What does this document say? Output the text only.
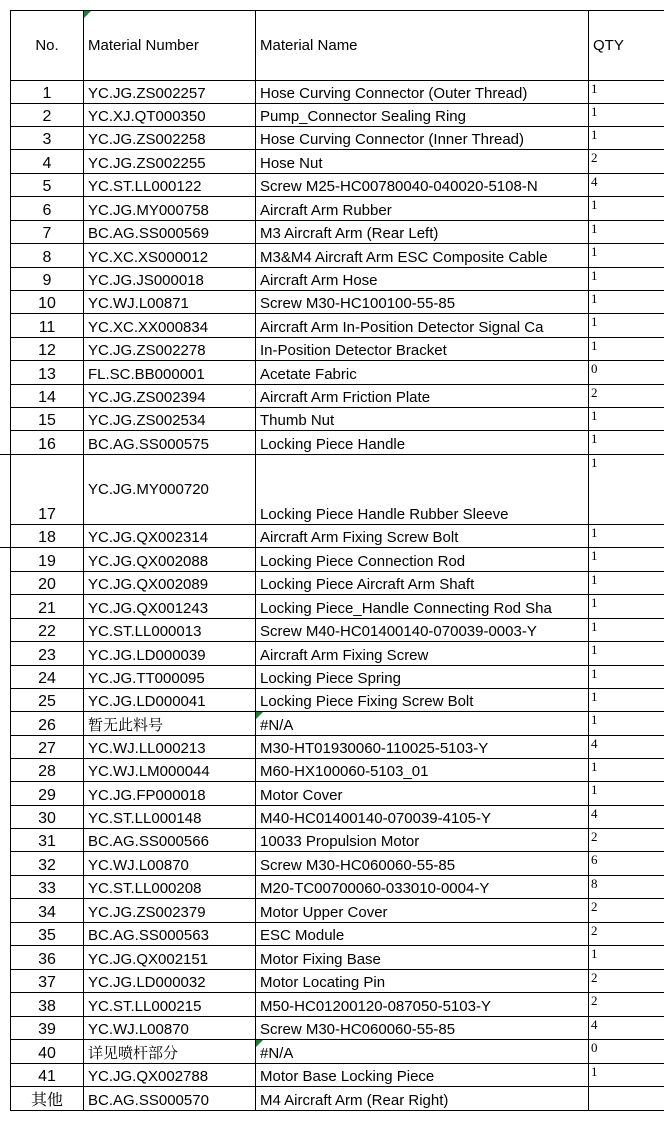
No.	Material Number	Material Name	QTY
1	YC.JG.ZS002257	Hose Curving Connector (Outer Thread)	1
2	YC.XJ.QT000350	Pump_Connector Sealing Ring	1
3	YC.JG.ZS002258	Hose Curving Connector (Inner Thread)	1
4	YC.JG.ZS002255	Hose Nut	2
5	YC.ST.LL000122	Screw M25-HC00780040-040020-5108-N	4
6	YC.JG.MY000758	Aircraft Arm Rubber	1
7	BC.AG.SS000569	M3 Aircraft Arm (Rear Left)	1
8	YC.XC.XS000012	M3&M4 Aircraft Arm ESC Composite Cable	1
9	YC.JG.JS000018	Aircraft Arm Hose	1
10	YC.WJ.L00871	Screw M30-HC100100-55-85	1
11	YC.XC.XX000834	Aircraft Arm In-Position Detector Signal Ca	1
12	YC.JG.ZS002278	In-Position Detector Bracket	1
13	FL.SC.BB000001	Acetate Fabric	0
14	YC.JG.ZS002394	Aircraft Arm Friction Plate	2
15	YC.JG.ZS002534	Thumb Nut	1
16	BC.AG.SS000575	Locking Piece Handle	1
17	YC.JG.MY000720	Locking Piece Handle Rubber Sleeve	1
18	YC.JG.QX002314	Aircraft Arm Fixing Screw Bolt	1
19	YC.JG.QX002088	Locking Piece Connection Rod	1
20	YC.JG.QX002089	Locking Piece Aircraft Arm Shaft	1
21	YC.JG.QX001243	Locking Piece_Handle Connecting Rod Sha	1
22	YC.ST.LL000013	Screw M40-HC01400140-070039-0003-Y	1
23	YC.JG.LD000039	Aircraft Arm Fixing Screw	1
24	YC.JG.TT000095	Locking Piece Spring	1
25	YC.JG.LD000041	Locking Piece Fixing Screw Bolt	1
26	暂无此料号	#N/A	1
27	YC.WJ.LL000213	M30-HT01930060-110025-5103-Y	4
28	YC.WJ.LM000044	M60-HX100060-5103_01	1
29	YC.JG.FP000018	Motor Cover	1
30	YC.ST.LL000148	M40-HC01400140-070039-4105-Y	4
31	BC.AG.SS000566	10033 Propulsion Motor	2
32	YC.WJ.L00870	Screw M30-HC060060-55-85	6
33	YC.ST.LL000208	M20-TC00700060-033010-0004-Y	8
34	YC.JG.ZS002379	Motor Upper Cover	2
35	BC.AG.SS000563	ESC Module	2
36	YC.JG.QX002151	Motor Fixing Base	1
37	YC.JG.LD000032	Motor Locating Pin	2
38	YC.ST.LL000215	M50-HC01200120-087050-5103-Y	2
39	YC.WJ.L00870	Screw M30-HC060060-55-85	4
40	详见喷杆部分	#N/A	0
41	YC.JG.QX002788	Motor Base Locking Piece	1
其他	BC.AG.SS000570	M4 Aircraft Arm (Rear Right)	
